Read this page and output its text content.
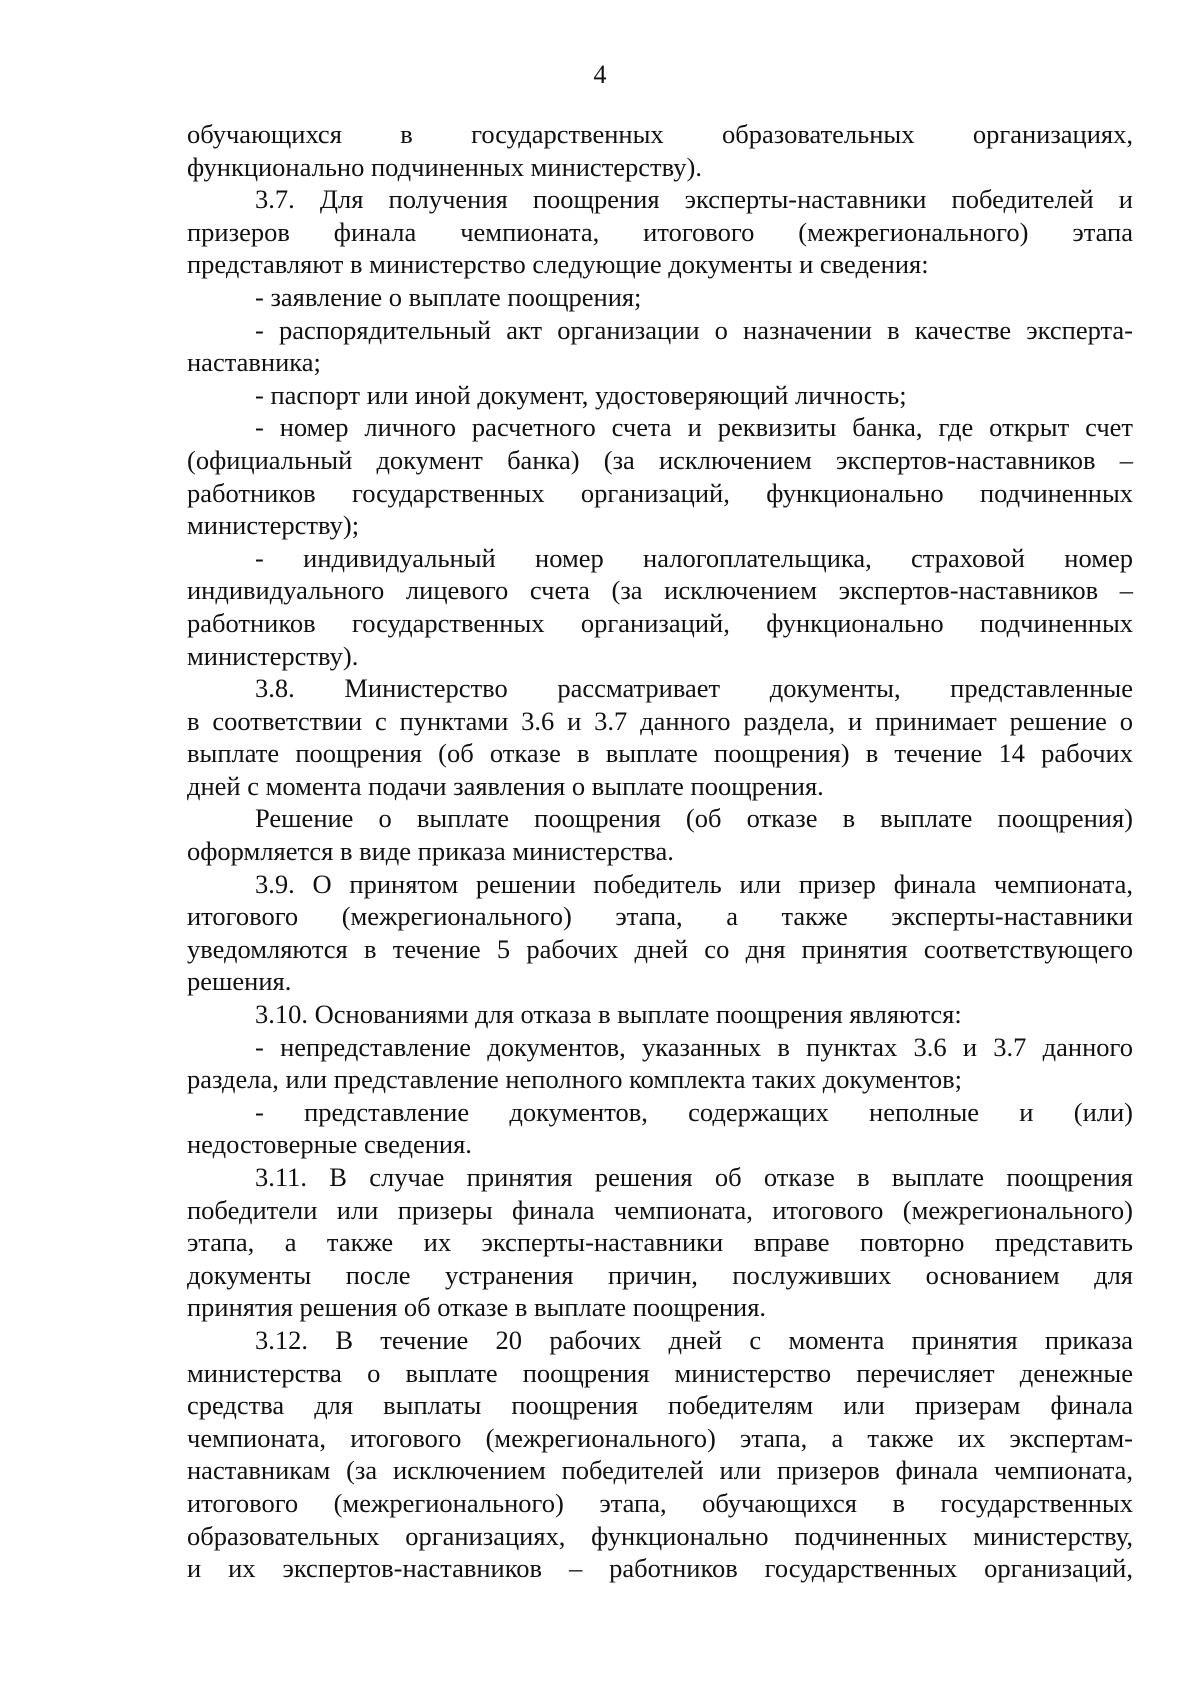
4

обучающихся в государственных образовательных организациях,

функционально подчиненных министерству).

3.7. Для получения поощрения эксперты-наставники победителей и

призеров финала чемпионата, итогового (межрегионального) этапа

представляют в министерство следующие документы и сведения:

- заявление о выплате поощрения;

- распорядительный акт организации о назначении в качестве эксперта-

наставника;

- паспорт или иной документ, удостоверяющий личность;

- номер личного расчетного счета и реквизиты банка, где открыт счет

(официальный документ банка) (за исключением экспертов-наставников –

работников государственных организаций, функционально подчиненных

министерству);

- индивидуальный номер налогоплательщика, страховой номер

индивидуального лицевого счета (за исключением экспертов-наставников –

работников государственных организаций, функционально подчиненных

министерству).

3.8. Министерство рассматривает документы, представленные

в соответствии с пунктами 3.6 и 3.7 данного раздела, и принимает решение о

выплате поощрения (об отказе в выплате поощрения) в течение 14 рабочих

дней с момента подачи заявления о выплате поощрения.

Решение о выплате поощрения (об отказе в выплате поощрения)

оформляется в виде приказа министерства.

3.9. О принятом решении победитель или призер финала чемпионата,

итогового (межрегионального) этапа, а также эксперты-наставники

уведомляются в течение 5 рабочих дней со дня принятия соответствующего

решения.

3.10. Основаниями для отказа в выплате поощрения являются:

- непредставление документов, указанных в пунктах 3.6 и 3.7 данного

раздела, или представление неполного комплекта таких документов;

- представление документов, содержащих неполные и (или)

недостоверные сведения.

3.11. В случае принятия решения об отказе в выплате поощрения

победители или призеры финала чемпионата, итогового (межрегионального)

этапа, а также их эксперты-наставники вправе повторно представить

документы после устранения причин, послуживших основанием для

принятия решения об отказе в выплате поощрения.

3.12. В течение 20 рабочих дней с момента принятия приказа

министерства о выплате поощрения министерство перечисляет денежные

средства для выплаты поощрения победителям или призерам финала

чемпионата, итогового (межрегионального) этапа, а также их экспертам-

наставникам (за исключением победителей или призеров финала чемпионата,

итогового (межрегионального) этапа, обучающихся в государственных

образовательных организациях, функционально подчиненных министерству,

и их экспертов-наставников – работников государственных организаций,
